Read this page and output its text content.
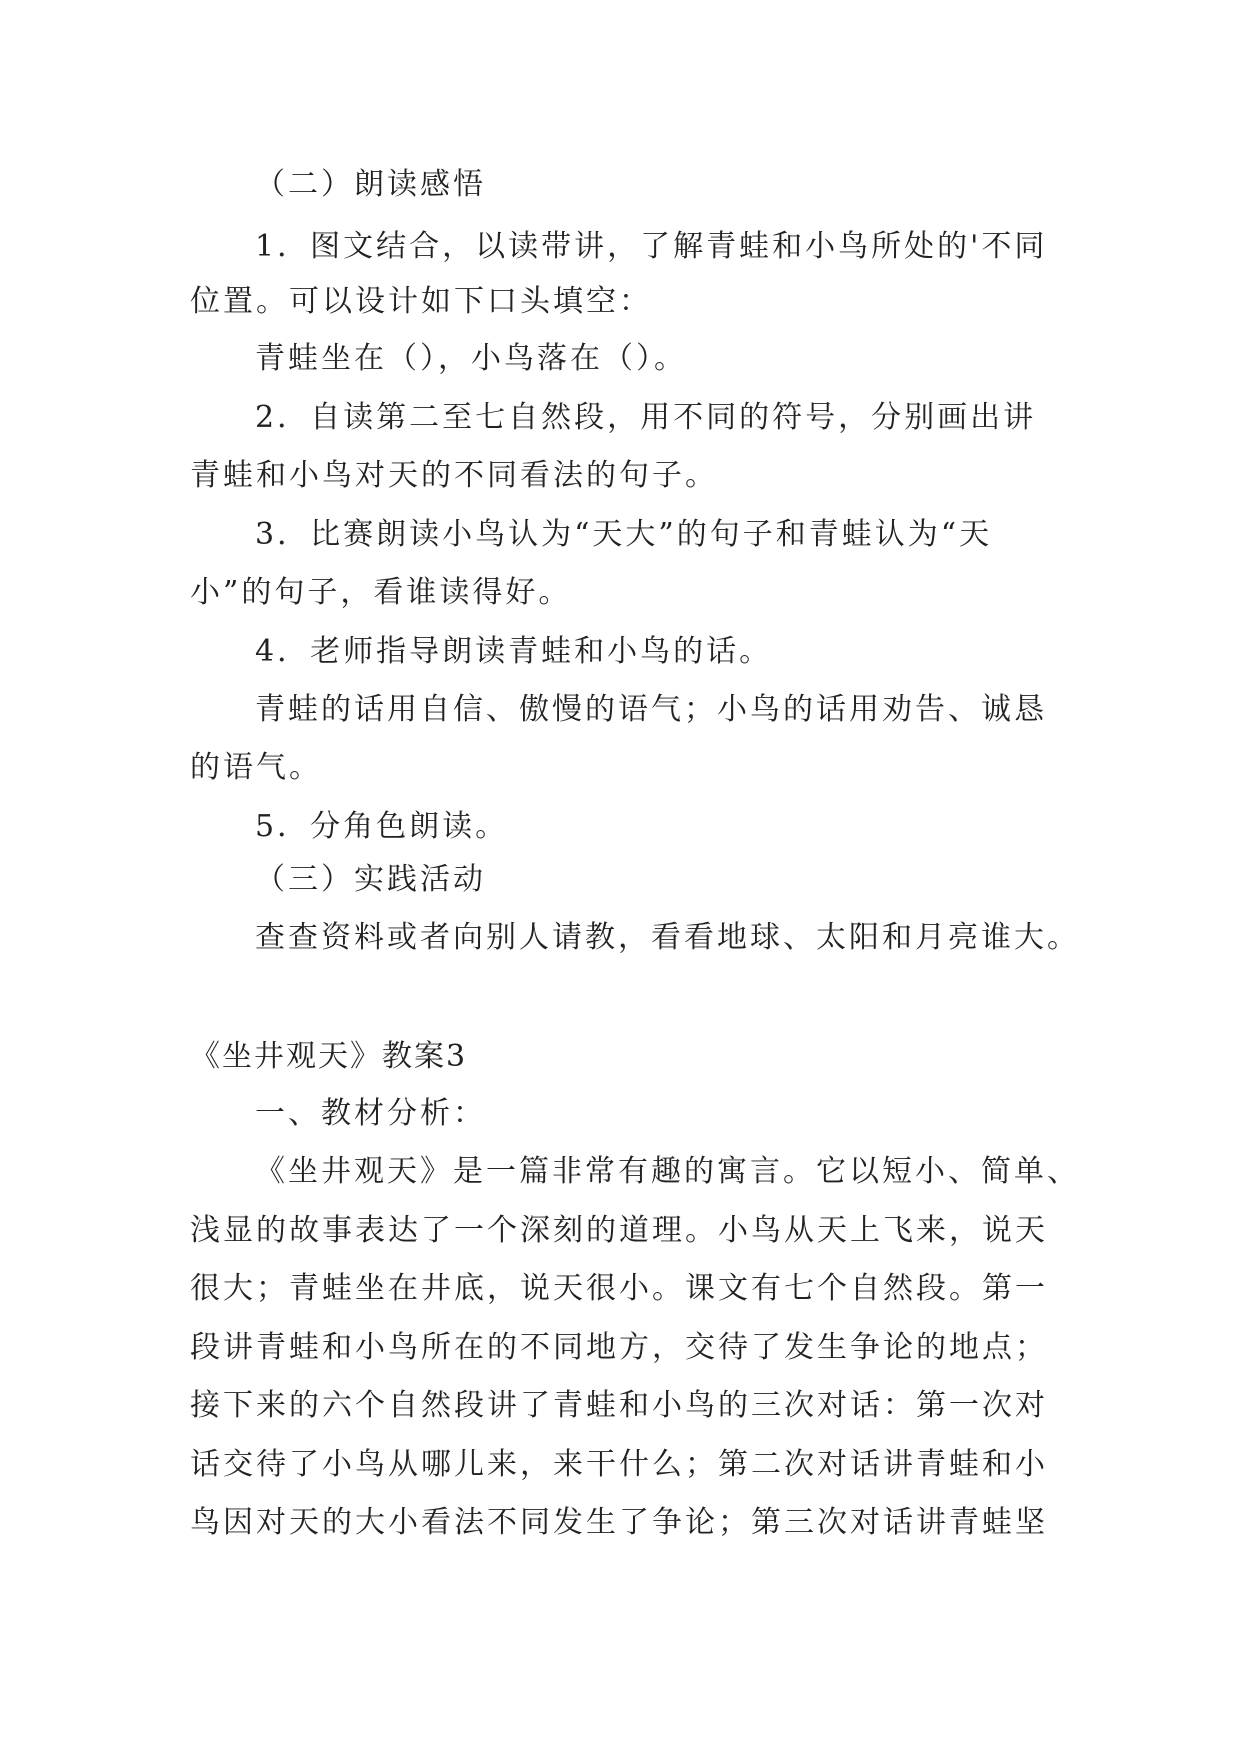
（二）朗读感悟
1．图文结合，以读带讲，了解青蛙和小鸟所处的'不同
位置。可以设计如下口头填空：
青蛙坐在（），小鸟落在（）。
2．自读第二至七自然段，用不同的符号，分别画出讲
青蛙和小鸟对天的不同看法的句子。
3．比赛朗读小鸟认为“天大”的句子和青蛙认为“天
小”的句子，看谁读得好。
4．老师指导朗读青蛙和小鸟的话。
青蛙的话用自信、傲慢的语气；小鸟的话用劝告、诚恳
的语气。
5．分角色朗读。
（三）实践活动
查查资料或者向别人请教，看看地球、太阳和月亮谁大。
《坐井观天》教案3
一、教材分析：
《坐井观天》是一篇非常有趣的寓言。它以短小、简单、
浅显的故事表达了一个深刻的道理。小鸟从天上飞来，说天
很大；青蛙坐在井底，说天很小。课文有七个自然段。第一
段讲青蛙和小鸟所在的不同地方，交待了发生争论的地点；
接下来的六个自然段讲了青蛙和小鸟的三次对话：第一次对
话交待了小鸟从哪儿来，来干什么；第二次对话讲青蛙和小
鸟因对天的大小看法不同发生了争论；第三次对话讲青蛙坚
